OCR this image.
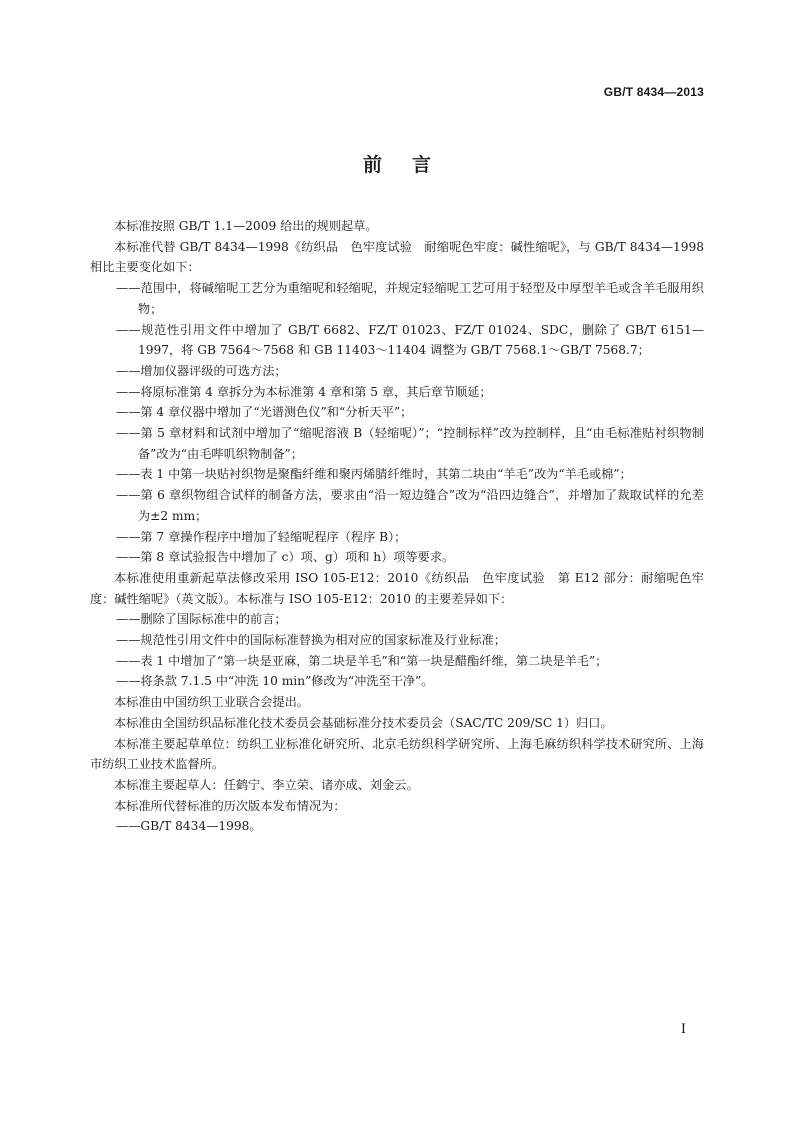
GB/T 8434—2013
前言

本标准按照 GB/T 1.1—2009 给出的规则起草。

本标准代替 GB/T 8434—1998《纺织品　色牢度试验　耐缩呢色牢度：碱性缩呢》，与 GB/T 8434—1998 相比主要变化如下：

——范围中，将碱缩呢工艺分为重缩呢和轻缩呢，并规定轻缩呢工艺可用于轻型及中厚型羊毛或含羊毛服用织物；

——规范性引用文件中增加了 GB/T 6682、FZ/T 01023、FZ/T 01024、SDC，删除了 GB/T 6151—1997，将 GB 7564～7568 和 GB 11403～11404 调整为 GB/T 7568.1～GB/T 7568.7；

——增加仪器评级的可选方法；

——将原标准第 4 章拆分为本标准第 4 章和第 5 章，其后章节顺延；

——第 4 章仪器中增加了“光谱测色仪”和“分析天平”；

——第 5 章材料和试剂中增加了“缩呢溶液 B（轻缩呢）”；“控制标样”改为控制样，且“由毛标准贴衬织物制备”改为“由毛哔叽织物制备”；

——表 1 中第一块贴衬织物是聚酯纤维和聚丙烯腈纤维时，其第二块由“羊毛”改为“羊毛或棉”；

——第 6 章织物组合试样的制备方法，要求由“沿一短边缝合”改为“沿四边缝合”，并增加了裁取试样的允差为±2 mm；

——第 7 章操作程序中增加了轻缩呢程序（程序 B）；

——第 8 章试验报告中增加了 c）项、g）项和 h）项等要求。

本标准使用重新起草法修改采用 ISO 105-E12：2010《纺织品　色牢度试验　第 E12 部分：耐缩呢色牢度：碱性缩呢》（英文版）。本标准与 ISO 105-E12：2010 的主要差异如下：

——删除了国际标准中的前言；

——规范性引用文件中的国际标准替换为相对应的国家标准及行业标准；

——表 1 中增加了“第一块是亚麻，第二块是羊毛”和“第一块是醋酯纤维，第二块是羊毛”；

——将条款 7.1.5 中“冲洗 10 min”修改为“冲洗至干净”。

本标准由中国纺织工业联合会提出。

本标准由全国纺织品标准化技术委员会基础标准分技术委员会（SAC/TC 209/SC 1）归口。

本标准主要起草单位：纺织工业标准化研究所、北京毛纺织科学研究所、上海毛麻纺织科学技术研究所、上海市纺织工业技术监督所。

本标准主要起草人：任鹤宁、李立荣、诸亦成、刘金云。

本标准所代替标准的历次版本发布情况为：

——GB/T 8434—1998。

I
